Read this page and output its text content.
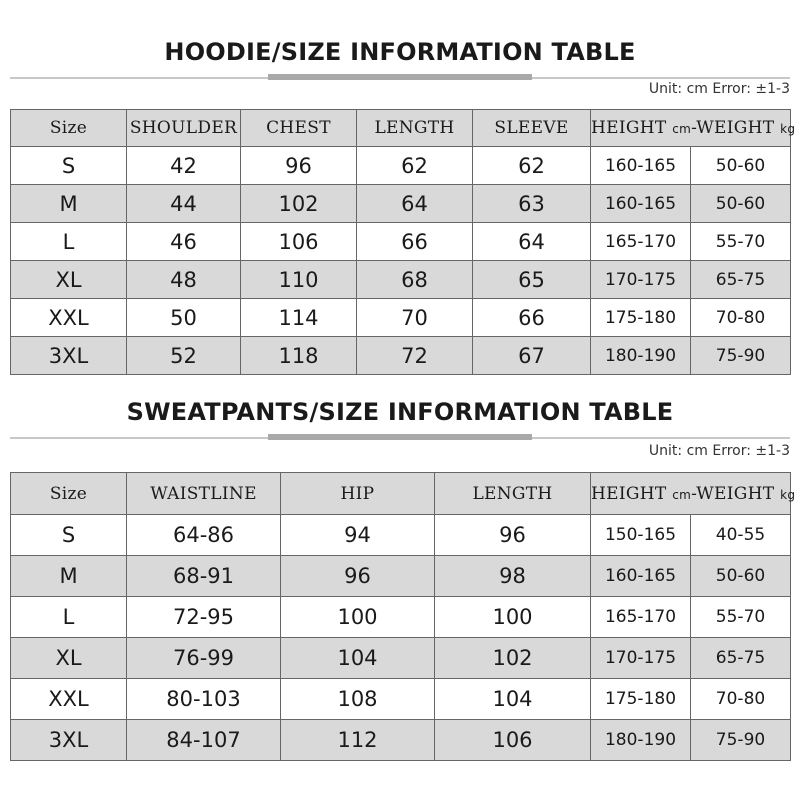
HOODIE/SIZE INFORMATION TABLE
Unit: cm Error: ±1-3
Size	SHOULDER	CHEST	LENGTH	SLEEVE	HEIGHT cm-WEIGHT kg	
S	42	96	62	62	160-165	50-60
M	44	102	64	63	160-165	50-60
L	46	106	66	64	165-170	55-70
XL	48	110	68	65	170-175	65-75
XXL	50	114	70	66	175-180	70-80
3XL	52	118	72	67	180-190	75-90
SWEATPANTS/SIZE INFORMATION TABLE
Unit: cm Error: ±1-3
Size	WAISTLINE	HIP	LENGTH	HEIGHT cm-WEIGHT kg	
S	64-86	94	96	150-165	40-55
M	68-91	96	98	160-165	50-60
L	72-95	100	100	165-170	55-70
XL	76-99	104	102	170-175	65-75
XXL	80-103	108	104	175-180	70-80
3XL	84-107	112	106	180-190	75-90
